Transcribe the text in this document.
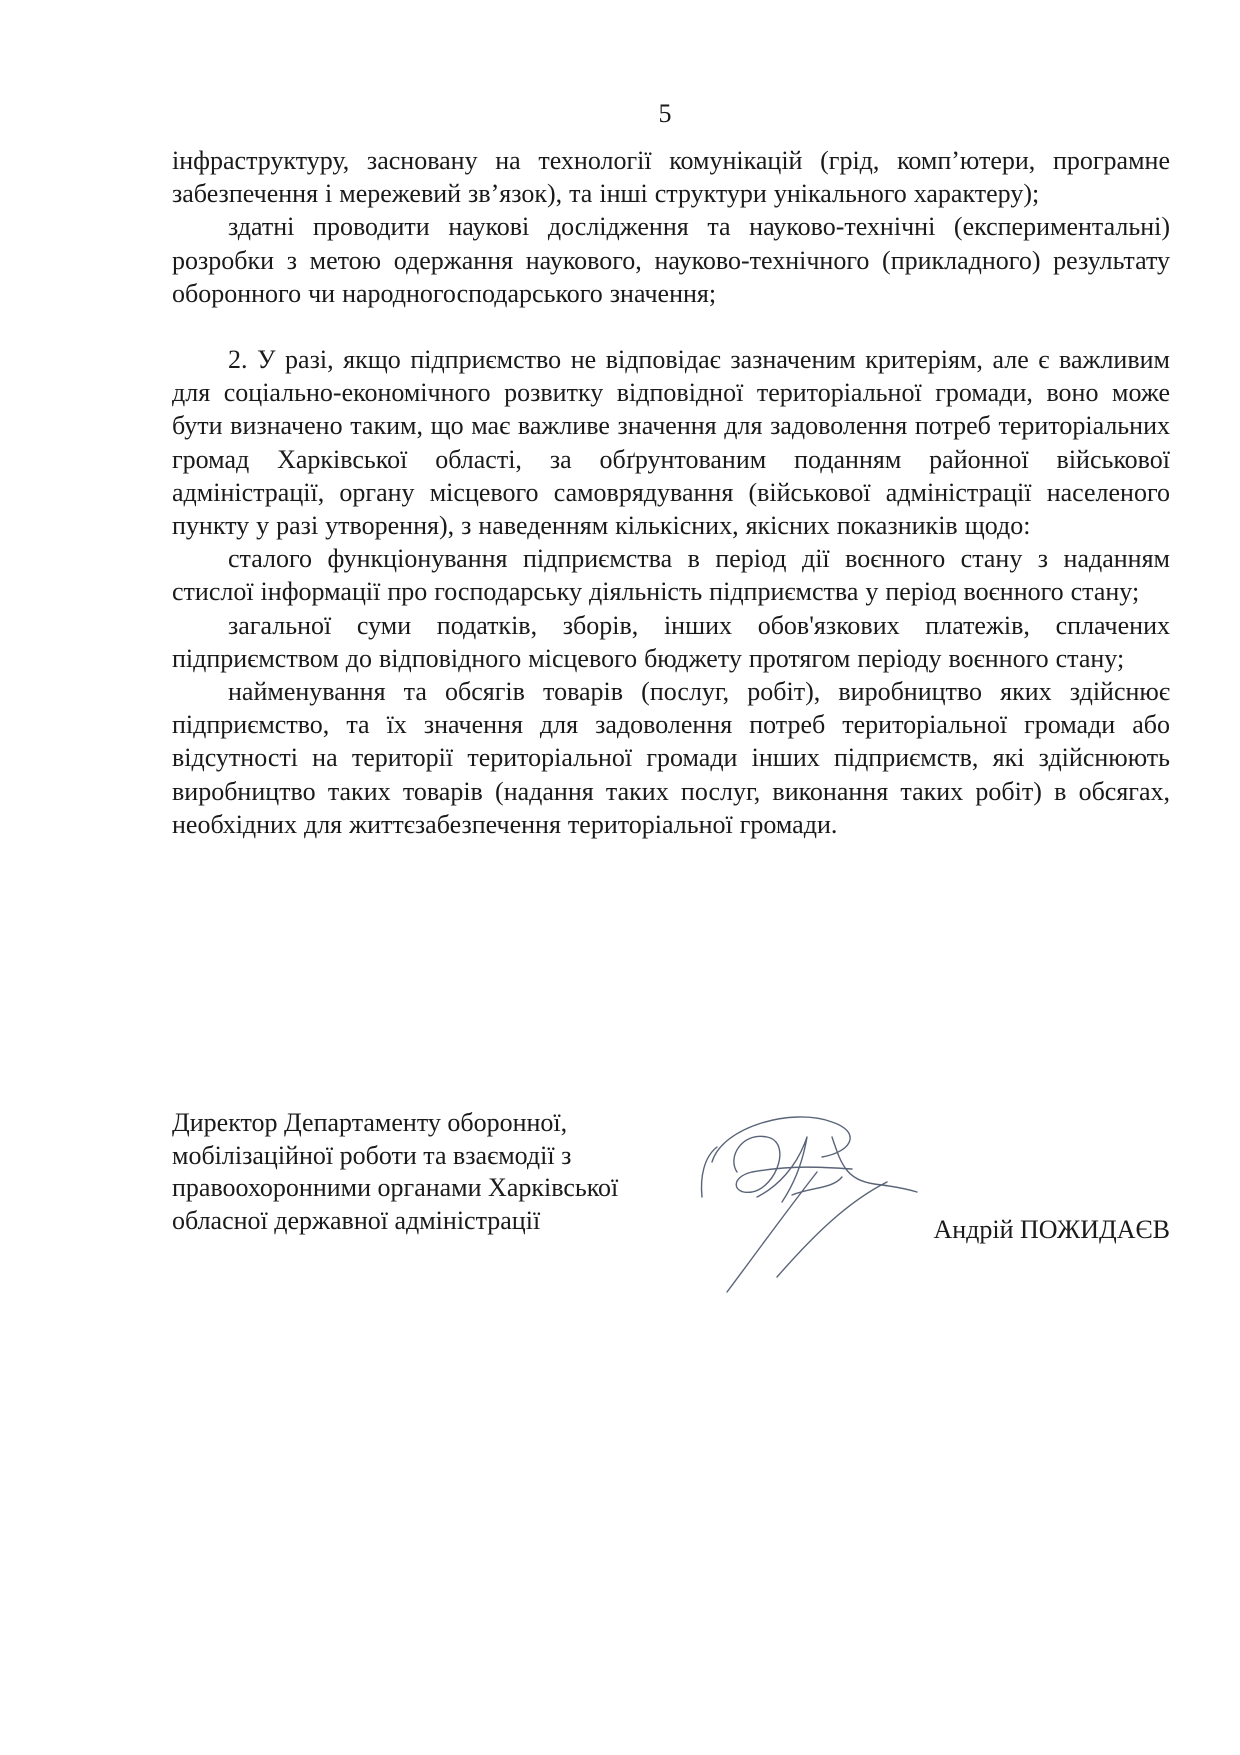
5

інфраструктуру, засновану на технології комунікацій (грід, комп’ютери, програмне забезпечення і мережевий зв’язок), та інші структури унікального характеру);

здатні проводити наукові дослідження та науково-технічні (експериментальні) розробки з метою одержання наукового, науково-технічного (прикладного) результату оборонного чи народногосподарського значення;

2. У разі, якщо підприємство не відповідає зазначеним критеріям, але є важливим для соціально-економічного розвитку відповідної територіальної громади, воно може бути визначено таким, що має важливе значення для задоволення потреб територіальних громад Харківської області, за обґрунтованим поданням районної військової адміністрації, органу місцевого самоврядування (військової адміністрації населеного пункту у разі утворення), з наведенням кількісних, якісних показників щодо:

сталого функціонування підприємства в період дії воєнного стану з наданням стислої інформації про господарську діяльність підприємства у період воєнного стану;

загальної суми податків, зборів, інших обов'язкових платежів, сплачених підприємством до відповідного місцевого бюджету протягом періоду воєнного стану;

найменування та обсягів товарів (послуг, робіт), виробництво яких здійснює підприємство, та їх значення для задоволення потреб територіальної громади або відсутності на території територіальної громади інших підприємств, які здійснюють виробництво таких товарів (надання таких послуг, виконання таких робіт) в обсягах, необхідних для життєзабезпечення територіальної громади.

Директор Департаменту оборонної,
мобілізаційної роботи та взаємодії з
правоохоронними органами Харківської
обласної державної адміністрації	Андрій ПОЖИДАЄВ
